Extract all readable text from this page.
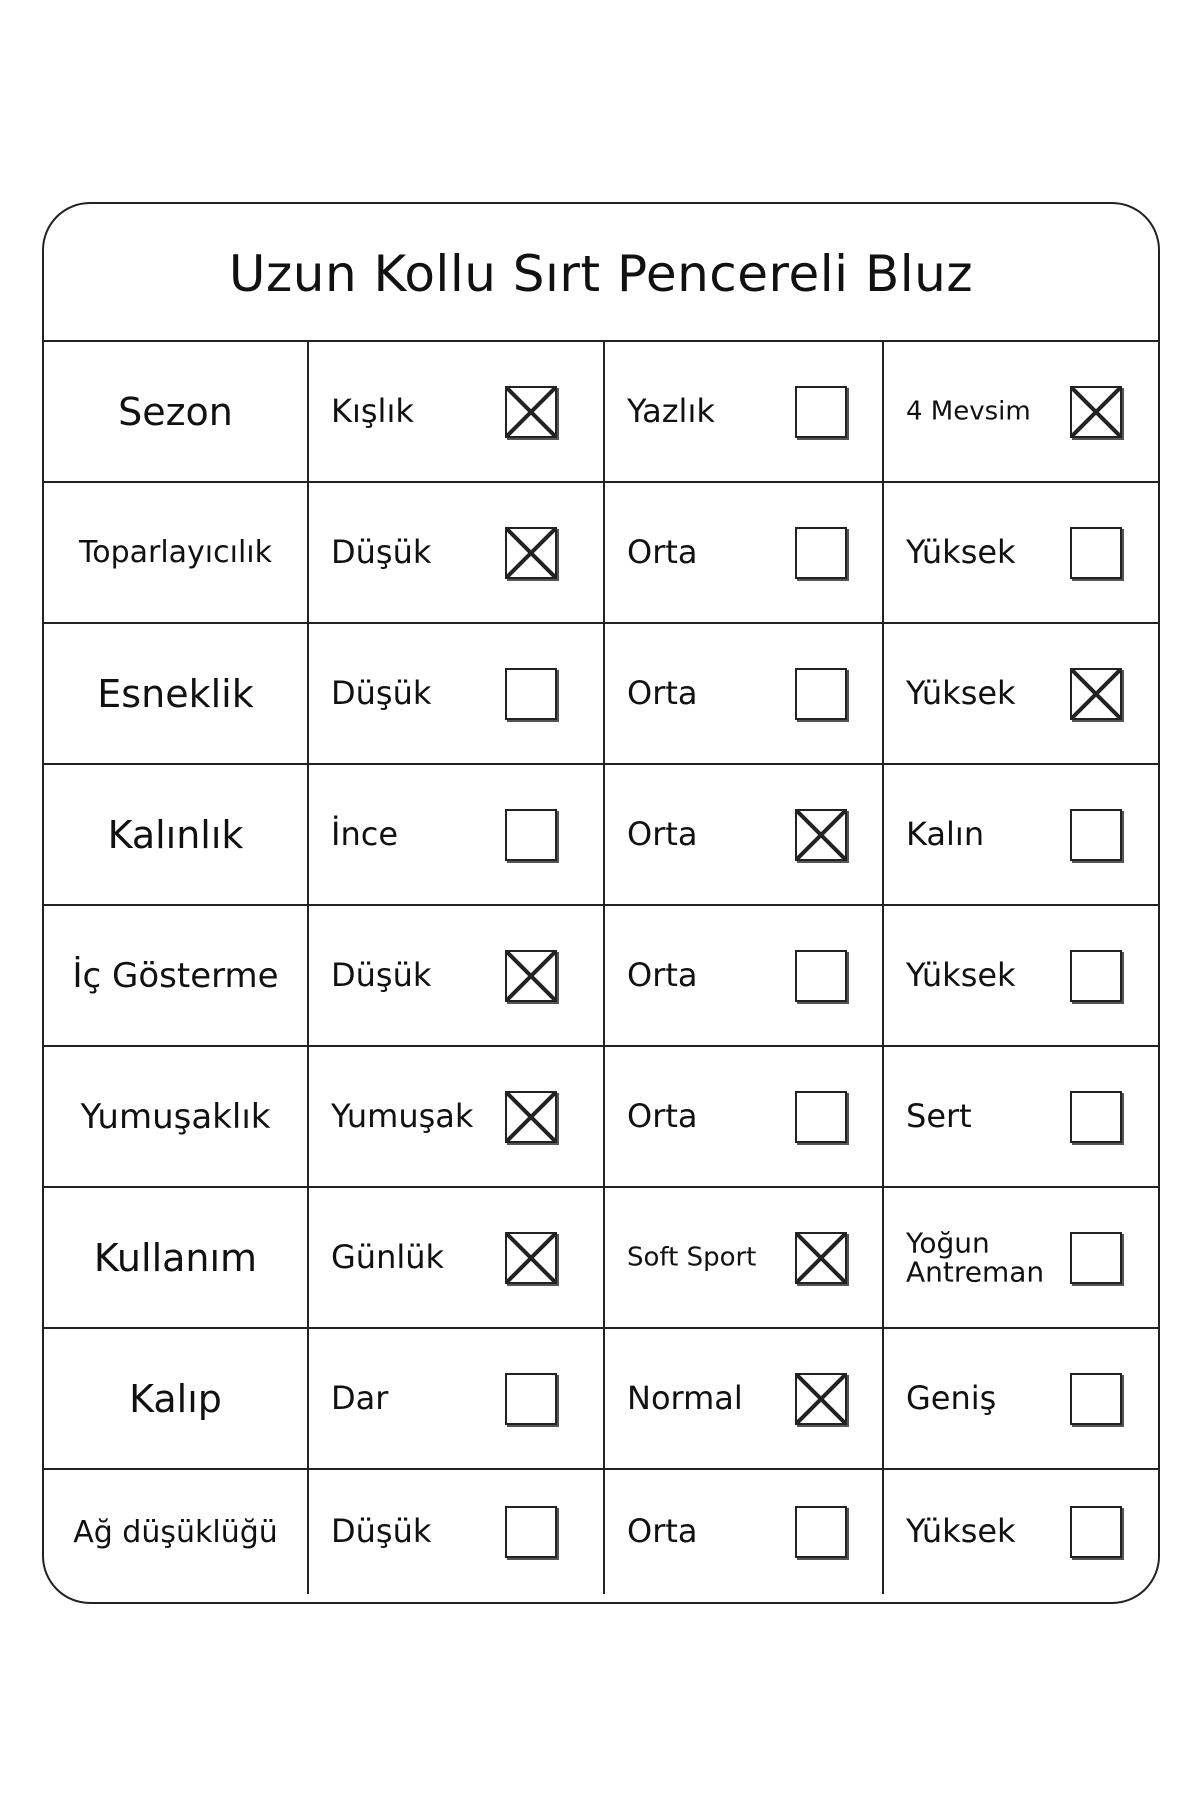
Uzun Kollu Sırt Pencereli Bluz
Sezon	Kışlık	Yazlık	4 Mevsim
Toparlayıcılık	Düşük	Orta	Yüksek
Esneklik	Düşük	Orta	Yüksek
Kalınlık	İnce	Orta	Kalın
İç Gösterme	Düşük	Orta	Yüksek
Yumuşaklık	Yumuşak	Orta	Sert
Kullanım	Günlük	Soft Sport	Yoğun Antreman
Kalıp	Dar	Normal	Geniş
Ağ düşüklüğü	Düşük	Orta	Yüksek
